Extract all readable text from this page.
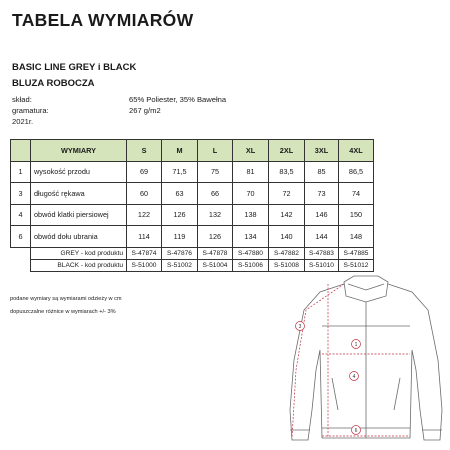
TABELA WYMIARÓW
BASIC LINE GREY i BLACK
BLUZA ROBOCZA
skład:	65% Poliester, 35% Bawełna
gramatura:	267 g/m2
2021r.
	WYMIARY	S	M	L	XL	2XL	3XL	4XL
1	wysokość przodu	69	71,5	75	81	83,5	85	86,5
3	długość rękawa	60	63	66	70	72	73	74
4	obwód klatki piersiowej	122	126	132	138	142	146	150
6	obwód dołu ubrania	114	119	126	134	140	144	148
	GREY - kod produktu	S-47874	S-47876	S-47878	S-47880	S-47882	S-47883	S-47885
	BLACK - kod produktu	S-51000	S-51002	S-51004	S-51006	S-51008	S-51010	S-51012
podane wymiary są wymiarami odzieży w cm
dopuszczalne różnice w wymiarach +/- 3%
3
1
4
6
